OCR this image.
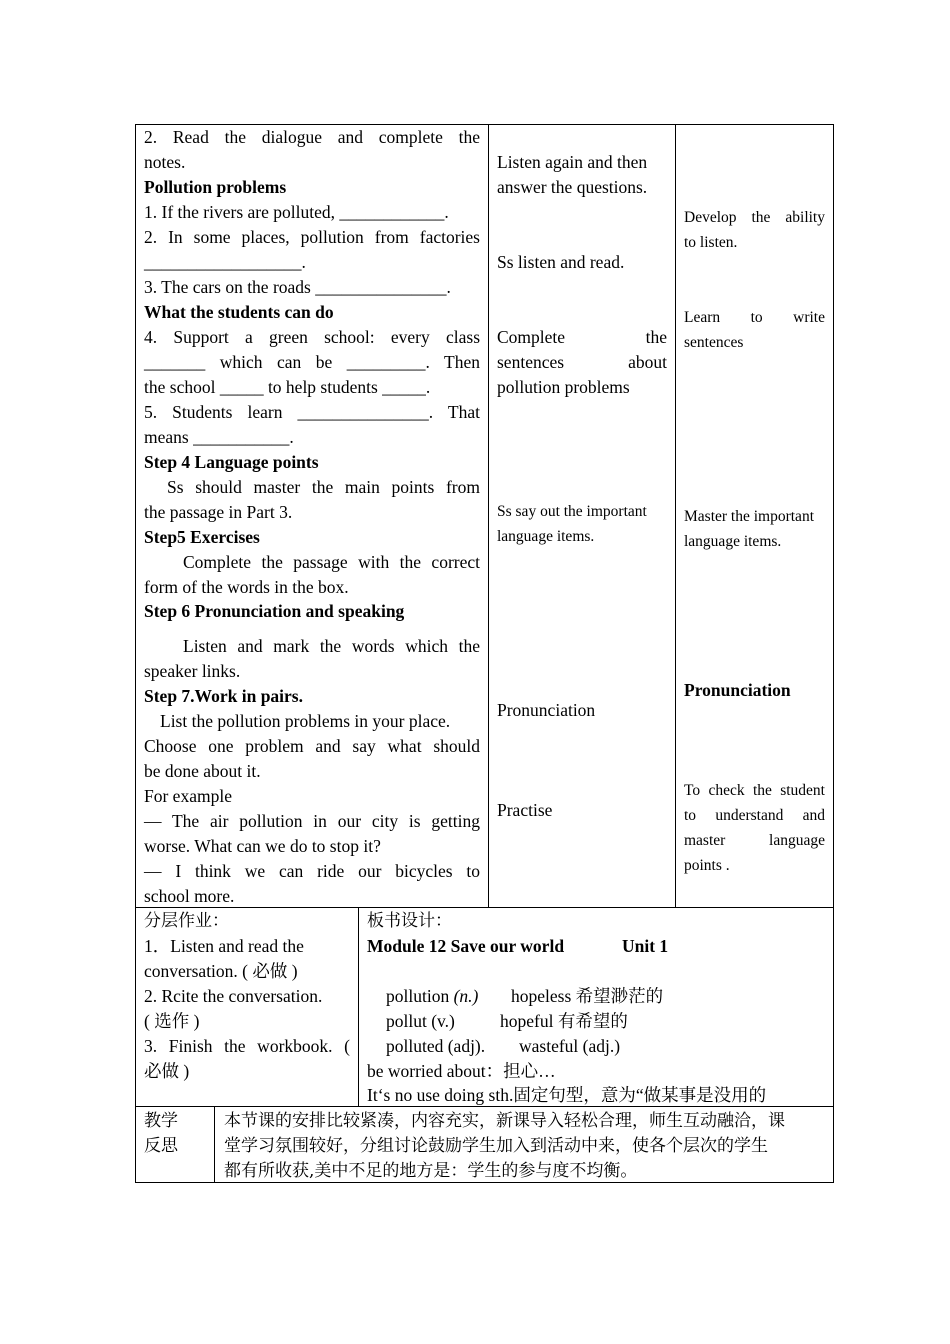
2. Read the dialogue and complete the
notes.
Pollution problems
1. If the rivers are polluted, ____________.
2. In some places, pollution from factories
__________________.
3. The cars on the roads _______________.
What the students can do
4. Support a green school: every class
_______ which can be _________. Then
the school _____ to help students _____.
5. Students learn _______________. That
means ___________.
Step 4 Language points
Ss should master the main points from
the passage in Part 3.
Step5 Exercises
Complete the passage with the correct
form of the words in the box.
Step 6 Pronunciation and speaking
Listen and mark the words which the
speaker links.
Step 7.Work in pairs.
List the pollution problems in your place.
Choose one problem and say what should
be done about it.
For example
— The air pollution in our city is getting
worse. What can we do to stop it?
— I think we can ride our bicycles to
school more.
Listen again and then
answer the questions.
Ss listen and read.
Complete the
sentences about
pollution problems
Ss say out the important
language items.
Pronunciation
Practise
Develop the ability
to listen.
Learn to write
sentences
Master the important
language items.
Pronunciation
To check the student
to understand and
master language
points .
分层作业：
1．Listen and read the
conversation. ( 必做 )
2. Rcite the conversation.
( 选作 )
3. Finish the workbook. (
必做 )
板书设计：
Module 12 Save our world	Unit 1
pollution (n.) hopeless 希望渺茫的
pollut (v.)	hopeful 有希望的
polluted (adj). wasteful (adj.)
be worried about：担心…
It‘s no use doing sth.固定句型，意为“做某事是没用的
教学
反思
本节课的安排比较紧凑，内容充实，新课导入轻松合理，师生互动融洽，课
堂学习氛围较好，分组讨论鼓励学生加入到活动中来，使各个层次的学生
都有所收获,美中不足的地方是：学生的参与度不均衡。
